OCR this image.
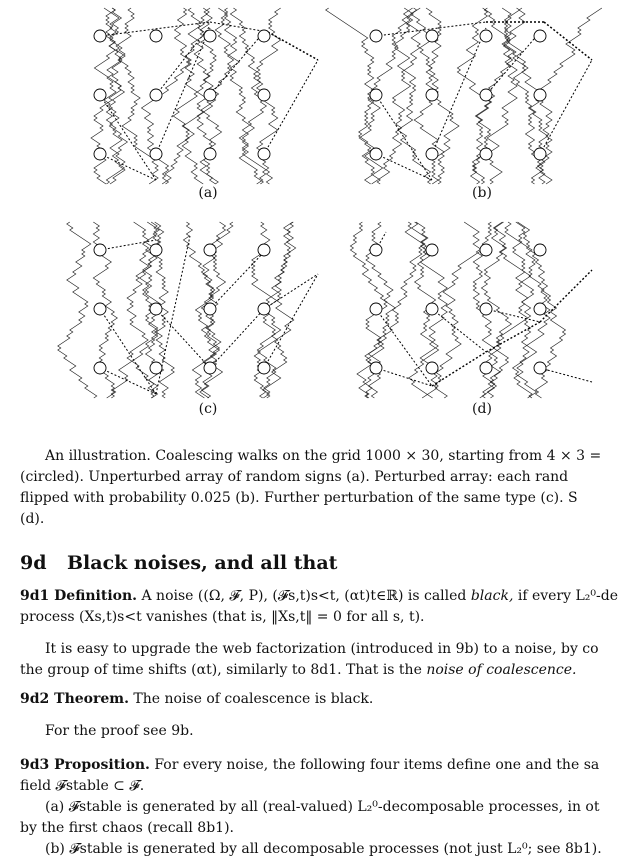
(a)	(b)
(c)	(d)

An illustration. Coalescing walks on the grid 1000 × 30, starting from 4 × 3 =

(circled). Unperturbed array of random signs (a). Perturbed array: each rand

flipped with probability 0.025 (b). Further perturbation of the same type (c). S

(d).

9d Black noises, and all that

9d1 Definition. A noise ((Ω, 𝓕, P), (𝓕s,t)s<t, (αt)t∈ℝ) is called black, if every L₂⁰-de

process (Xs,t)s<t vanishes (that is, ‖Xs,t‖ = 0 for all s, t).

It is easy to upgrade the web factorization (introduced in 9b) to a noise, by co

the group of time shifts (αt), similarly to 8d1. That is the noise of coalescence.

9d2 Theorem. The noise of coalescence is black.

For the proof see 9b.

9d3 Proposition. For every noise, the following four items define one and the sa

field 𝓕stable ⊂ 𝓕.

(a) 𝓕stable is generated by all (real-valued) L₂⁰-decomposable processes, in ot

by the first chaos (recall 8b1).

(b) 𝓕stable is generated by all decomposable processes (not just L₂⁰; see 8b1).
